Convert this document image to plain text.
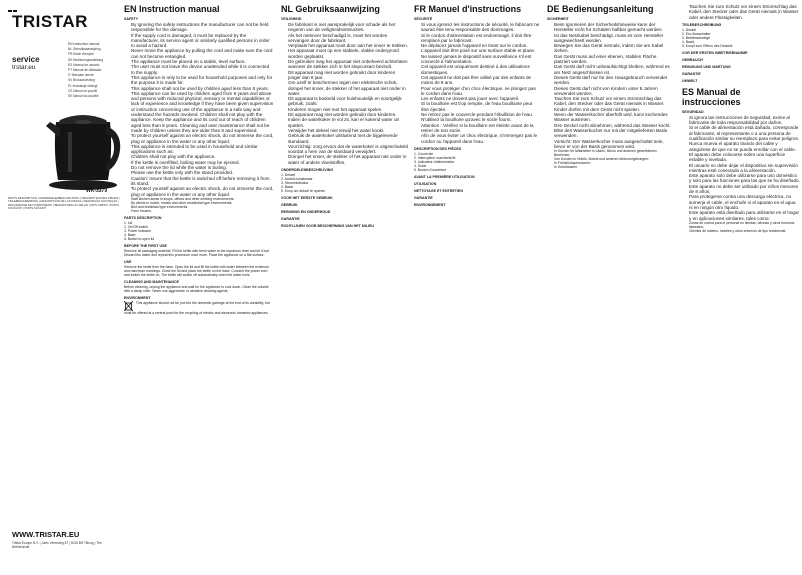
TRISTAR
service
trstar.eu
EN Instruction manual
NL Gebruiksaanwijzing
FR Mode d'emploi
DE Bedienungsanleitung
ES Manual de usuario
PT Manual de utilizador
IT Manuale utente
SV Bruksanvisning
PL Instrukcja obsługi
CS Návod na použití
SK Návod na použitie
WK-3379
PARTS DESCRIPTION | ONDERDELENBESCHRIJVING | DESCRIPTION DES PIÈCES | TEILEBESCHREIBUNG | DESCRIPCIÓN DE LAS PIEZAS | DESCRIÇÃO DAS PEÇAS | DESCRIZIONE DEI COMPONENTI | BESKRIVNING AV DELAR | OPIS CZĘŚCI | POPIS SOUČÁSTÍ | POPIS SÚČASTÍ
WWW.TRISTAR.EU
Tristar Europe B.V. | Jules Verneweg 87 | 5015 BH Tilburg | The Netherlands
EN Instruction manual
SAFETY
• By ignoring the safety instructions the manufacturer can not be held responsible for the damage.
• If the supply cord is damaged, it must be replaced by the manufacturer, its service agent or similarly qualified persons in order to avoid a hazard.
• Never move the appliance by pulling the cord and make sure the cord can not become entangled.
• The appliance must be placed on a stable, level surface.
• The user must not leave the device unattended while it is connected to the supply.
• This appliance is only to be used for household purposes and only for the purpose it is made for.
• This appliance shall not be used by children aged less than 8 years. This appliance can be used by children aged from 8 years and above and persons with reduced physical, sensory or mental capabilities or lack of experience and knowledge if they have been given supervision or instruction concerning use of the appliance in a safe way and understand the hazards involved. Children shall not play with the appliance. Keep the appliance and its cord out of reach of children aged less than 8 years. Cleaning and user maintenance shall not be made by children unless they are older than 8 and supervised.
• To protect yourself against an electric shock, do not immerse the cord, plug or appliance in the water or any other liquid.
• This appliance is intended to be used in household and similar applications such as:
• Children shall not play with the appliance.
• If the kettle is overfilled, boiling water may be ejected.
• Do not remove the lid while the water is boiling.
• Please use the kettle only with the stand provided.
• Caution: Insure that the kettle is switched off before removing it from its stand.
• To protect yourself against an electric shock, do not immerse the cord, plug or appliance in the water or any other liquid.
• Staff kitchen areas in shops, offices and other working environments;
• By clients in hotels, motels and other residential type environments;
• Bed and breakfast type environments;
• Farm houses.
PARTS DESCRIPTION
1. Lid
2. On/Off switch
3. Power indicator
4. Base
5. Button to open lid
BEFORE THE FIRST USE

Remove all packaging material. Fill the kettle with fresh water to the maximum level and let it boil. Discard the water and repeat this procedure once more. Place the appliance on a flat surface.

USE

Remove the kettle from the base. Open the lid and fill the kettle with water between the minimum and maximum markings. Close the lid and place the kettle on the base. Connect the power cord and switch the kettle on. The kettle will switch off automatically when the water boils.

CLEANING AND MAINTENANCE

Before cleaning, unplug the appliance and wait for the appliance to cool down. Clean the outside with a damp cloth. Never use aggressive or abrasive cleaning agents.

ENVIRONMENT

This appliance should not be put into the domestic garbage at the end of its durability, but must be offered at a central point for the recycling of electric and electronic domestic appliances.

NL Gebruiksaanwijzing
VEILIGHEID
• De fabrikant is niet aansprakelijk voor schade als het negeren van de veiligheidsinstructies.
• Als het netsnoer beschadigd is, moet het worden vervangen door de fabrikant.
• Verplaats het apparaat nooit door aan het snoer te trekken.
• Het apparaat moet op een stabiele, vlakke ondergrond worden geplaatst.
• De gebruiker mag het apparaat niet onbeheerd achterlaten wanneer de stekker zich in het stopcontact bevindt.
• Dit apparaat mag niet worden gebruikt door kinderen jonger dan 8 jaar.
• Om uzelf te beschermen tegen een elektrische schok, dompel het snoer, de stekker of het apparaat niet onder in water.
• Dit apparaat is bedoeld voor huishoudelijk en soortgelijk gebruik, zoals:
• Kinderen mogen niet met het apparaat spelen.
• Dit apparaat mag niet worden gebruikt door kinderen.
• Indien de waterkoker te vol zit, kan er kokend water uit spatten.
• Verwijder het deksel niet terwijl het water kookt.
• Gebruik de waterkoker uitsluitend met de bijgeleverde standaard.
• Voorzichtig: zorg ervoor dat de waterkoker is uitgeschakeld voordat u hem van de standaard verwijdert.
• Dompel het snoer, de stekker of het apparaat niet onder in water of andere vloeistoffen.
ONDERDELENBESCHRIJVING
1. Deksel
2. Aan/uit-schakelaar
3. Stroomindicator
4. Basis
5. Knop om deksel te openen
VOOR HET EERSTE GEBRUIK
GEBRUIK
REINIGING EN ONDERHOUD
GARANTIE
RICHTLIJNEN VOOR BESCHERMING VAN HET MILIEU
FR Manuel d'instructions
SÉCURITÉ
• Si vous ignorez les instructions de sécurité, le fabricant ne saurait être tenu responsable des dommages.
• Si le cordon d'alimentation est endommagé, il doit être remplacé par le fabricant.
• Ne déplacez jamais l'appareil en tirant sur le cordon.
• L'appareil doit être posé sur une surface stable et plane.
• Ne laissez jamais le dispositif sans surveillance s'il est connecté à l'alimentation.
• Cet appareil est uniquement destiné à des utilisations domestiques.
• Cet appareil ne doit pas être utilisé par des enfants de moins de 8 ans.
• Pour vous protéger d'un choc électrique, ne plongez pas le cordon dans l'eau.
• Les enfants ne doivent pas jouer avec l'appareil.
• Si la bouilloire est trop remplie, de l'eau bouillante peut être éjectée.
• Ne retirez pas le couvercle pendant l'ébullition de l'eau.
• N'utilisez la bouilloire qu'avec le socle fourni.
• Attention : Vérifiez si la bouilloire est éteinte avant de la retirer de son socle.
• Afin de vous éviter un choc électrique, n'immergez pas le cordon ou l'appareil dans l'eau.
DESCRIPTION DES PIÈCES
1. Couvercle
2. Interrupteur marche/arrêt
3. Indicateur d'alimentation
4. Socle
5. Bouton d'ouverture
AVANT LA PREMIÈRE UTILISATION
UTILISATION
NETTOYAGE ET ENTRETIEN
GARANTIE
ENVIRONNEMENT
DE Bedienungsanleitung
SICHERHEIT
• Beim Ignorieren der Sicherheitshinweise kann der Hersteller nicht für Schäden haftbar gemacht werden.
• Ist das Netzkabel beschädigt, muss es vom Hersteller ausgewechselt werden.
• Bewegen Sie das Gerät niemals, indem Sie am Kabel ziehen.
• Das Gerät muss auf einer ebenen, stabilen Fläche platziert werden.
• Das Gerät darf nicht unbeaufsichtigt bleiben, während es am Netz angeschlossen ist.
• Dieses Gerät darf nur für den Hausgebrauch verwendet werden.
• Dieses Gerät darf nicht von Kindern unter 8 Jahren verwendet werden.
• Tauchen Sie zum Schutz vor einem Stromschlag das Kabel, den Stecker oder das Gerät niemals in Wasser.
• Kinder dürfen mit dem Gerät nicht spielen.
• Wenn der Wasserkocher überfüllt wird, kann kochendes Wasser austreten.
• Den Deckel nicht abnehmen, während das Wasser kocht.
• Bitte den Wasserkocher nur mit der mitgelieferten Basis verwenden.
• Vorsicht: Der Wasserkocher muss ausgeschaltet sein, bevor er von der Basis genommen wird.
• In Küchen für Mitarbeiter in Läden, Büros und anderen gewerblichen Bereichen;
• Von Kunden in Hotels, Motels und anderen Wohnumgebungen;
• In Frühstückspensionen;
• In Gutshäusern.
• Tauchen Sie zum Schutz vor einem Stromschlag das Kabel, den Stecker oder das Gerät niemals in Wasser oder andere Flüssigkeiten.
TEILEBESCHREIBUNG
1. Deckel
2. Ein-/Ausschalter
3. Betriebsanzeige
4. Basis
5. Knopf zum Öffnen des Deckels
VOR DER ERSTEN INBETRIEBNAHME
GEBRAUCH
REINIGUNG UND WARTUNG
GARANTIE
UMWELT
ES Manual de instrucciones
SEGURIDAD
• Si ignora las instrucciones de seguridad, exime al fabricante de toda responsabilidad por daños.
• Si el cable de alimentación está dañado, corresponde al fabricante, al representante o a una persona de cualificación similar su reemplazo para evitar peligros.
• Nunca mueva el aparato tirando del cable y asegúrese de que no se pueda enrollar con el cable.
• El aparato debe colocarse sobre una superficie estable y nivelada.
• El usuario no debe dejar el dispositivo sin supervisión mientras esté conectado a la alimentación.
• Este aparato solo debe utilizarse para uso doméstico y solo para las funciones para las que se ha diseñado.
• Este aparato no debe ser utilizado por niños menores de 8 años.
• Para protegerse contra una descarga eléctrica, no sumerja el cable, el enchufe ni el aparato en el agua ni en ningún otro líquido.
• Este aparato está diseñado para utilizarse en el hogar y en aplicaciones similares, tales como:
• Zonas de cocina para el personal en tiendas, oficinas y otros entornos laborales;
• Clientes de hoteles, moteles y otros entornos de tipo residencial;
